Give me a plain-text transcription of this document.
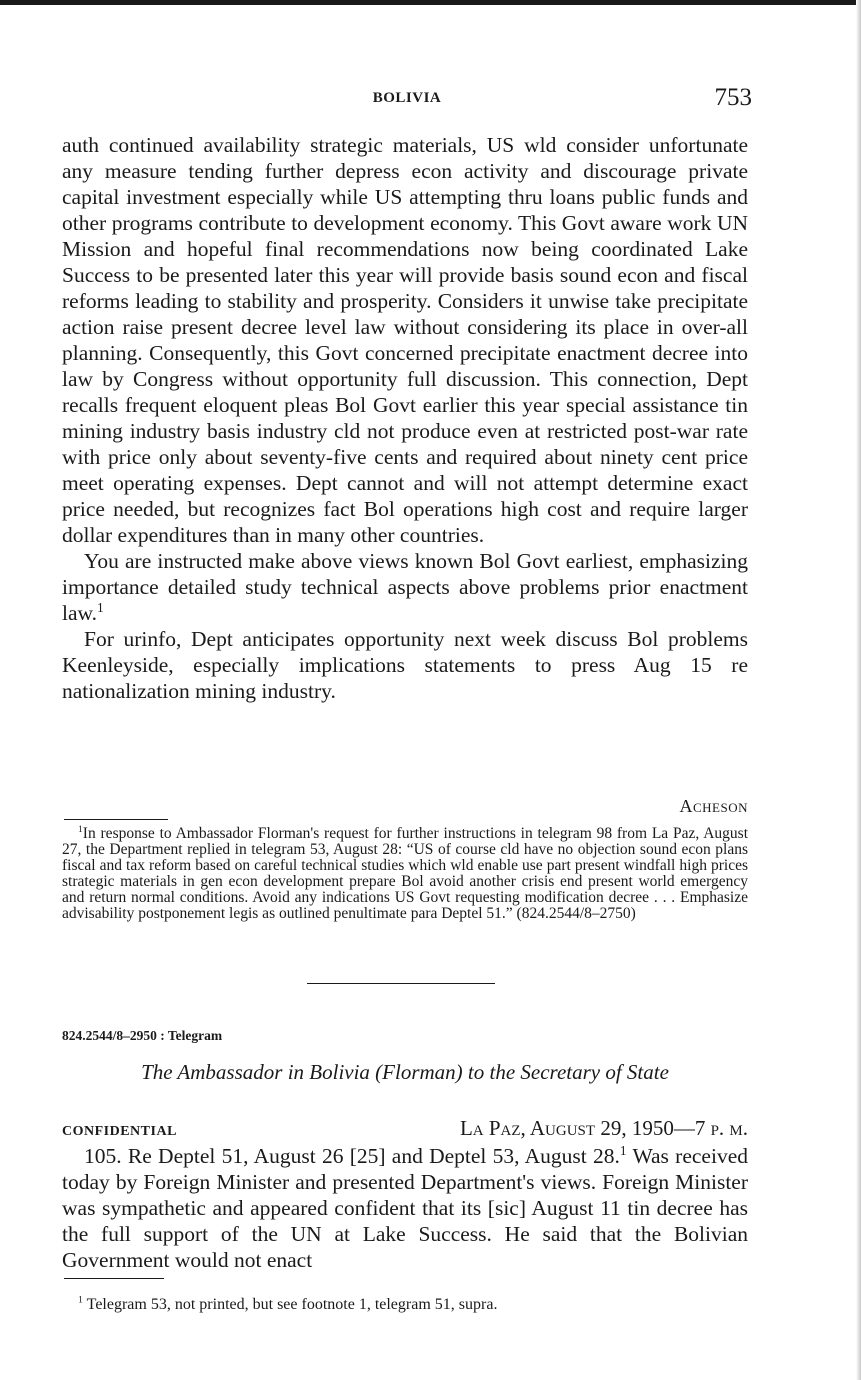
BOLIVIA	753

auth continued availability strategic materials, US wld consider unfortunate any measure tending further depress econ activity and discourage private capital investment especially while US attempting thru loans public funds and other programs contribute to development economy. This Govt aware work UN Mission and hopeful final recommendations now being coordinated Lake Success to be presented later this year will provide basis sound econ and fiscal reforms leading to stability and prosperity. Considers it unwise take precipitate action raise present decree level law without considering its place in over-all planning. Consequently, this Govt concerned precipitate enactment decree into law by Congress without opportunity full discussion. This connection, Dept recalls frequent eloquent pleas Bol Govt earlier this year special assistance tin mining industry basis industry cld not produce even at restricted post-war rate with price only about seventy-five cents and required about ninety cent price meet operating expenses. Dept cannot and will not attempt determine exact price needed, but recognizes fact Bol operations high cost and require larger dollar expenditures than in many other countries.

You are instructed make above views known Bol Govt earliest, emphasizing importance detailed study technical aspects above problems prior enactment law.$^1$

For urinfo, Dept anticipates opportunity next week discuss Bol problems Keenleyside, especially implications statements to press Aug 15 re nationalization mining industry.

Acheson
$^1$In response to Ambassador Florman's request for further instructions in telegram 98 from La Paz, August 27, the Department replied in telegram 53, August 28: “US of course cld have no objection sound econ plans fiscal and tax reform based on careful technical studies which wld enable use part present windfall high prices strategic materials in gen econ development prepare Bol avoid another crisis end present world emergency and return normal conditions. Avoid any indications US Govt requesting modification decree . . . Emphasize advisability postponement legis as outlined penultimate para Deptel 51.” (824.2544/8–2750)
824.2544/8–2950 : Telegram
The Ambassador in Bolivia (Florman) to the Secretary of State
CONFIDENTIAL	La Paz, August 29, 1950—7 p. m.
105. Re Deptel 51, August 26 [25] and Deptel 53, August 28.$^1$ Was received today by Foreign Minister and presented Department's views. Foreign Minister was sympathetic and appeared confident that its [sic] August 11 tin decree has the full support of the UN at Lake Success. He said that the Bolivian Government would not enact
$^1$ Telegram 53, not printed, but see footnote 1, telegram 51, supra.
